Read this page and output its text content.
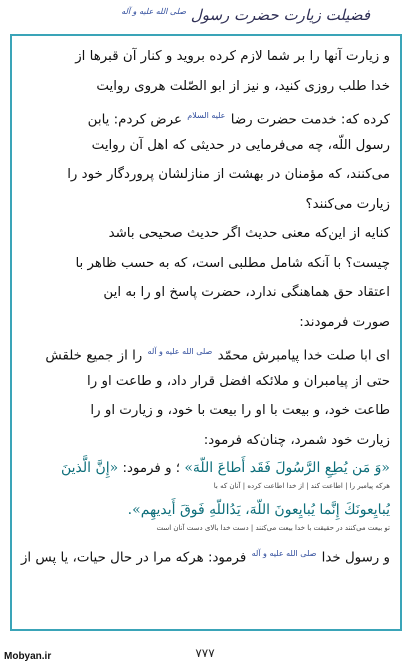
فضیلت زیارت حضرت رسول $^{صلی الله علیه و آله}$
و زیارت آنها را بر شما لازم کرده برويد و كنار آن قبرها از
خدا طلب روزى كنيد، و نيز از ابو الصّلت هروى روايت
كرده كه: خدمت حضرت رضا $^{علیه السلام}$ عرض كردم: يابن
رسول اللّه، چه مى‌فرمايى در حديثى كه اهل آن روايت
مى‌كنند، كه مؤمنان در بهشت از منازلشان پروردگار خود را
زيارت مى‌كنند؟
كنايه از اين‌كه معنى حديث اگر حديث صحيحى باشد
چيست؟ با آنكه شامل مطلبى است، كه به حسب ظاهر با
اعتقاد حق هماهنگى ندارد، حضرت پاسخ او را به اين
صورت فرمودند:
اى ابا صلت خدا پيامبرش محمّد $^{صلی الله علیه و آله}$ را از جميع خلقش
حتى از پيامبران و ملائكه افضل قرار داد، و طاعت او را
طاعت خود، و بيعت با او را بيعت با خود، و زيارت او را
زيارت خود شمرد، چنان‌كه فرمود:
«وَ مَن يُطِعِ الرَّسُولَ فَقَد أَطاعَ اللّهَ» ؛ و فرمود: «إِنَّ الَّذينَ
هركه پيامبر را | اطاعت كند | از خدا اطاعت كرده | آنان كه با
يُبايِعونَكَ إِنَّما يُبايِعونَ اللّهَ، يَدُاللّهِ فَوقَ أَيديهِم».
تو بيعت مى‌كنند در حقيقت با خدا بيعت مى‌كنند | دست خدا بالاى دست آنان است
و رسول خدا $^{صلی الله علیه و آله}$ فرمود: هركه مرا در حال حيات، يا پس از
۷۷۷
Mobyan.ir
